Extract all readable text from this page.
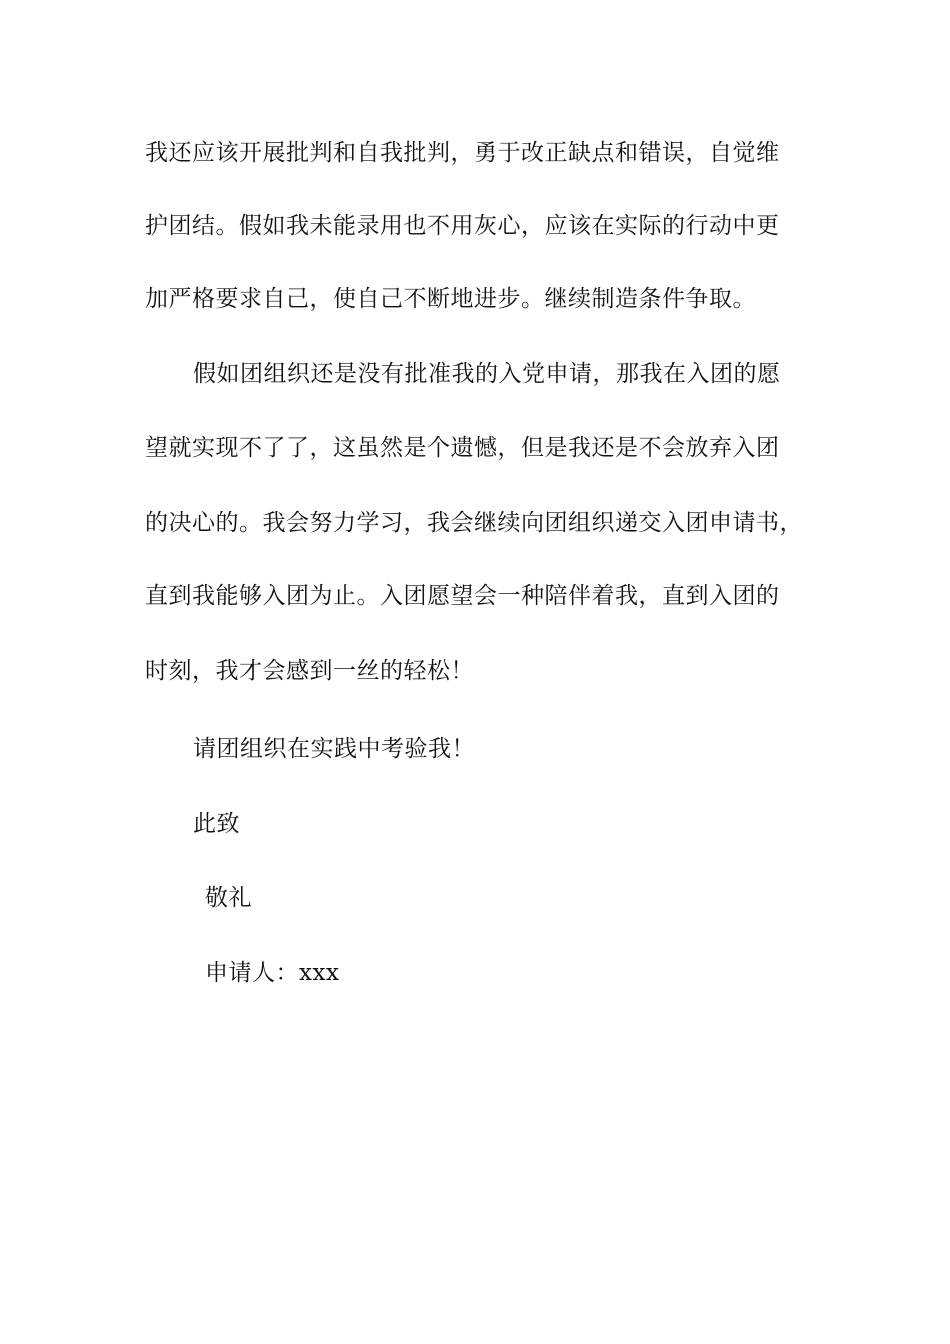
我还应该开展批判和自我批判，勇于改正缺点和错误，自觉维
护团结。假如我未能录用也不用灰心，应该在实际的行动中更
加严格要求自己，使自己不断地进步。继续制造条件争取。
假如团组织还是没有批准我的入党申请，那我在入团的愿
望就实现不了了，这虽然是个遗憾，但是我还是不会放弃入团
的决心的。我会努力学习，我会继续向团组织递交入团申请书，
直到我能够入团为止。入团愿望会一种陪伴着我，直到入团的
时刻，我才会感到一丝的轻松！
请团组织在实践中考验我！
此致
敬礼
申请人：xxx
